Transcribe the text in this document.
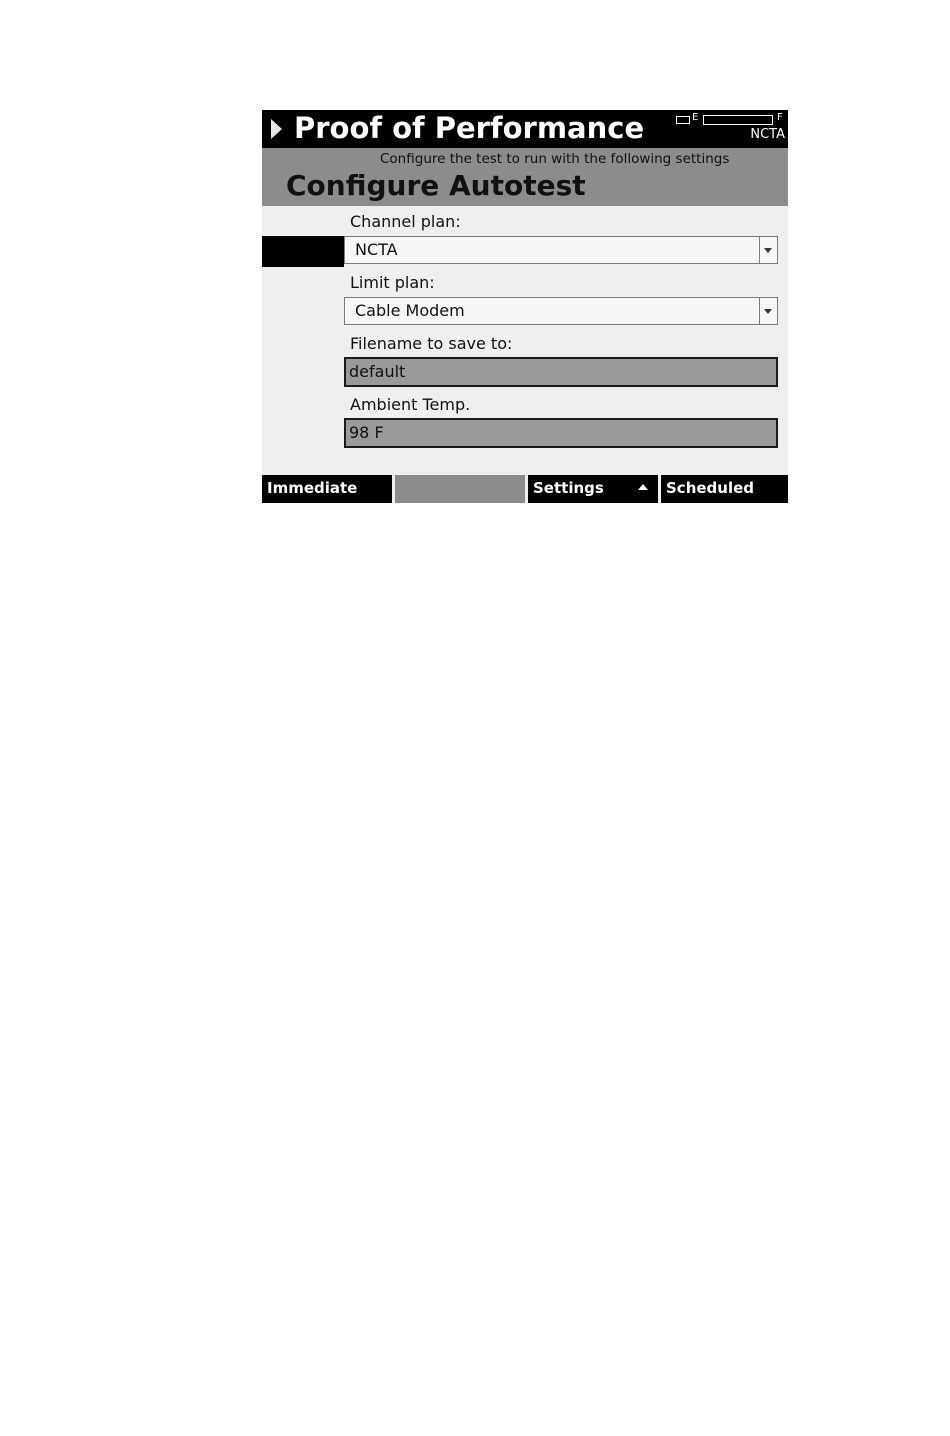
Proof of Performance	E	F
NCTA
Configure the test to run with the following settings
Configure Autotest
Channel plan:
NCTA
Limit plan:
Cable Modem
Filename to save to:
default
Ambient Temp.
98 F
Immediate	Settings	Scheduled
